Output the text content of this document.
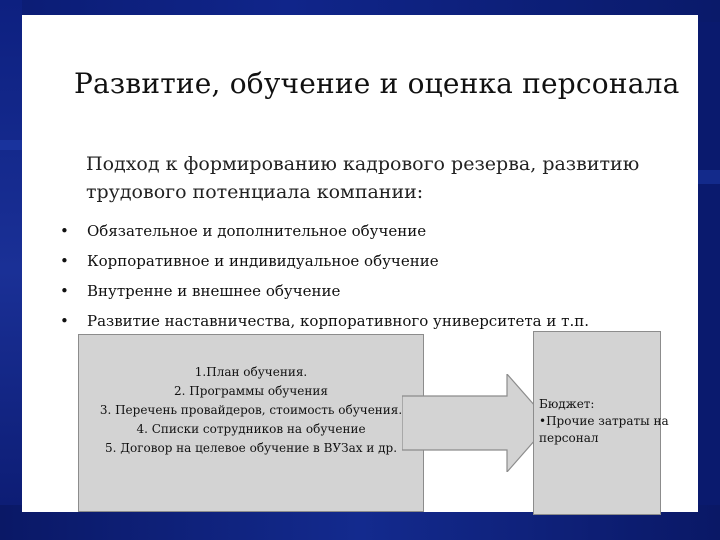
Развитие, обучение и оценка персонала
Подход к формированию кадрового резерва, развитию
трудового потенциала компании:
•	Обязательное и дополнительное обучение
•	Корпоративное и индивидуальное обучение
•	Внутренне и внешнее обучение
•	Развитие наставничества, корпоративного университета и т.п.
1.План обучения.
2. Программы обучения
3. Перечень провайдеров, стоимость обучения.
4. Списки сотрудников на обучение
5. Договор на целевое обучение в ВУЗах и др.
Бюджет:
•Прочие затраты на
персонал
